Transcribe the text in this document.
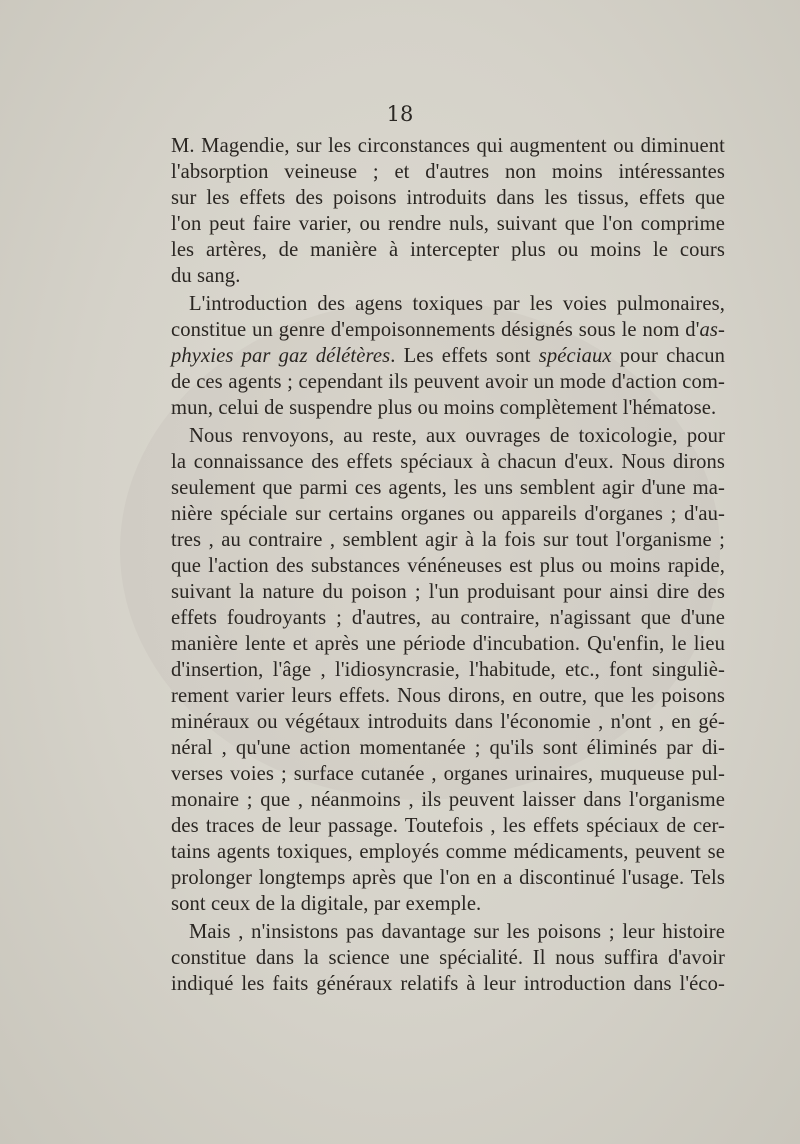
18
M. Magendie, sur les circonstances qui augmentent ou diminuent
l'absorption veineuse ; et d'autres non moins intéressantes
sur les effets des poisons introduits dans les tissus, effets que
l'on peut faire varier, ou rendre nuls, suivant que l'on comprime
les artères, de manière à intercepter plus ou moins le cours
du sang.
L'introduction des agens toxiques par les voies pulmonaires,
constitue un genre d'empoisonnements désignés sous le nom d'as-
phyxies par gaz délétères. Les effets sont spéciaux pour chacun
de ces agents ; cependant ils peuvent avoir un mode d'action com-
mun, celui de suspendre plus ou moins complètement l'hématose.
Nous renvoyons, au reste, aux ouvrages de toxicologie, pour
la connaissance des effets spéciaux à chacun d'eux. Nous dirons
seulement que parmi ces agents, les uns semblent agir d'une ma-
nière spéciale sur certains organes ou appareils d'organes ; d'au-
tres , au contraire , semblent agir à la fois sur tout l'organisme ;
que l'action des substances vénéneuses est plus ou moins rapide,
suivant la nature du poison ; l'un produisant pour ainsi dire des
effets foudroyants ; d'autres, au contraire, n'agissant que d'une
manière lente et après une période d'incubation. Qu'enfin, le lieu
d'insertion, l'âge , l'idiosyncrasie, l'habitude, etc., font singuliè-
rement varier leurs effets. Nous dirons, en outre, que les poisons
minéraux ou végétaux introduits dans l'économie , n'ont , en gé-
néral , qu'une action momentanée ; qu'ils sont éliminés par di-
verses voies ; surface cutanée , organes urinaires, muqueuse pul-
monaire ; que , néanmoins , ils peuvent laisser dans l'organisme
des traces de leur passage. Toutefois , les effets spéciaux de cer-
tains agents toxiques, employés comme médicaments, peuvent se
prolonger longtemps après que l'on en a discontinué l'usage. Tels
sont ceux de la digitale, par exemple.
Mais , n'insistons pas davantage sur les poisons ; leur histoire
constitue dans la science une spécialité. Il nous suffira d'avoir
indiqué les faits généraux relatifs à leur introduction dans l'éco-
